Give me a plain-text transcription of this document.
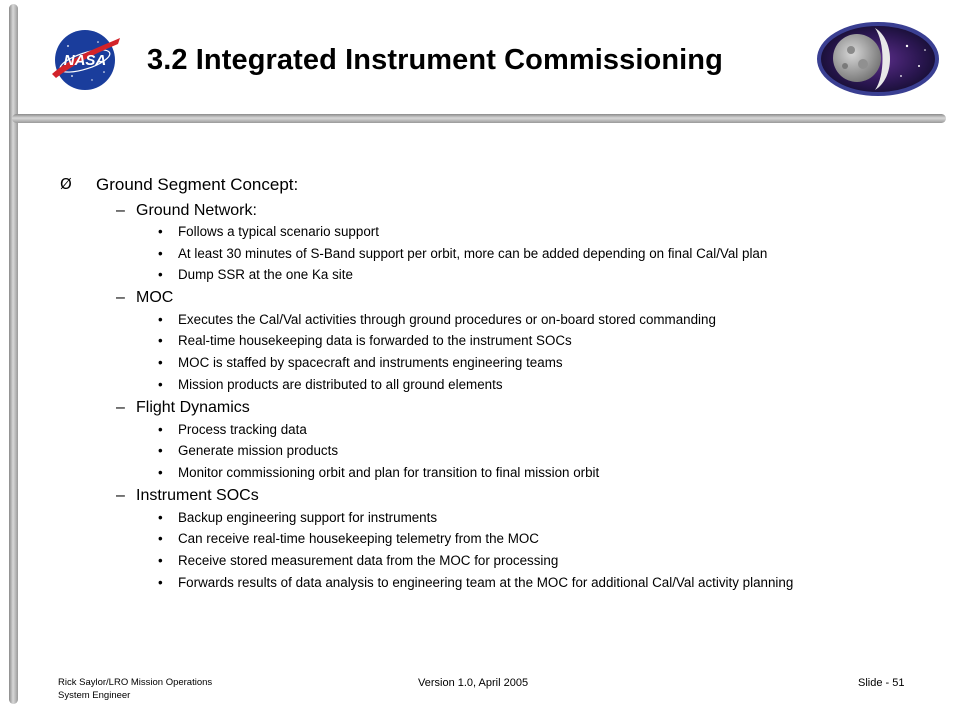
NASA 3.2 Integrated Instrument Commissioning
Ø Ground Segment Concept:
– Ground Network:
• Follows a typical scenario support
• At least 30 minutes of S-Band support per orbit, more can be added depending on final Cal/Val plan
• Dump SSR at the one Ka site
– MOC
• Executes the Cal/Val activities through ground procedures or on-board stored commanding
• Real-time housekeeping data is forwarded to the instrument SOCs
• MOC is staffed by spacecraft and instruments engineering teams
• Mission products are distributed to all ground elements
– Flight Dynamics
• Process tracking data
• Generate mission products
• Monitor commissioning orbit and plan for transition to final mission orbit
– Instrument SOCs
• Backup engineering support for instruments
• Can receive real-time housekeeping telemetry from the MOC
• Receive stored measurement data from the MOC for processing
• Forwards results of data analysis to engineering team at the MOC for additional Cal/Val activity planning
Rick Saylor/LRO Mission Operations
System Engineer
Version 1.0, April 2005	Slide - 51
